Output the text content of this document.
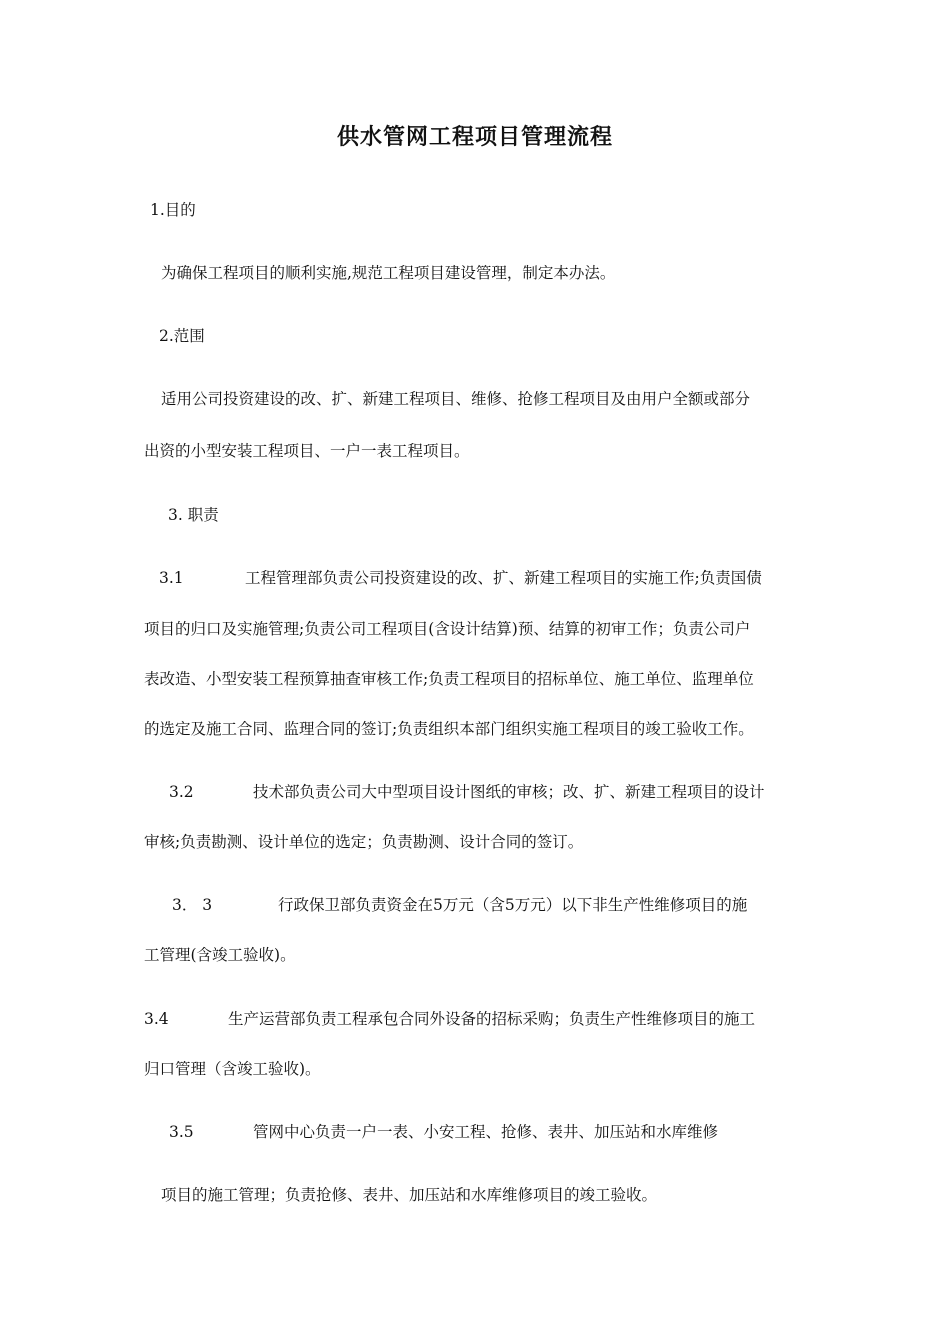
供水管网工程项目管理流程
1.目的
为确保工程项目的顺利实施,规范工程项目建设管理，制定本办法。
2.范围
适用公司投资建设的改、扩、新建工程项目、维修、抢修工程项目及由用户全额或部分
出资的小型安装工程项目、一户一表工程项目。
3. 职责
3.1	工程管理部负责公司投资建设的改、扩、新建工程项目的实施工作;负责国债
项目的归口及实施管理;负责公司工程项目(含设计结算)预、结算的初审工作；负责公司户
表改造、小型安装工程预算抽查审核工作;负责工程项目的招标单位、施工单位、监理单位
的选定及施工合同、监理合同的签订;负责组织本部门组织实施工程项目的竣工验收工作。
3.2	技术部负责公司大中型项目设计图纸的审核；改、扩、新建工程项目的设计
审核;负责勘测、设计单位的选定；负责勘测、设计合同的签订。
3． 3	行政保卫部负责资金在5万元（含5万元）以下非生产性维修项目的施
工管理(含竣工验收)。
3.4	生产运营部负责工程承包合同外设备的招标采购；负责生产性维修项目的施工
归口管理（含竣工验收)。
3.5	管网中心负责一户一表、小安工程、抢修、表井、加压站和水库维修
项目的施工管理；负责抢修、表井、加压站和水库维修项目的竣工验收。
